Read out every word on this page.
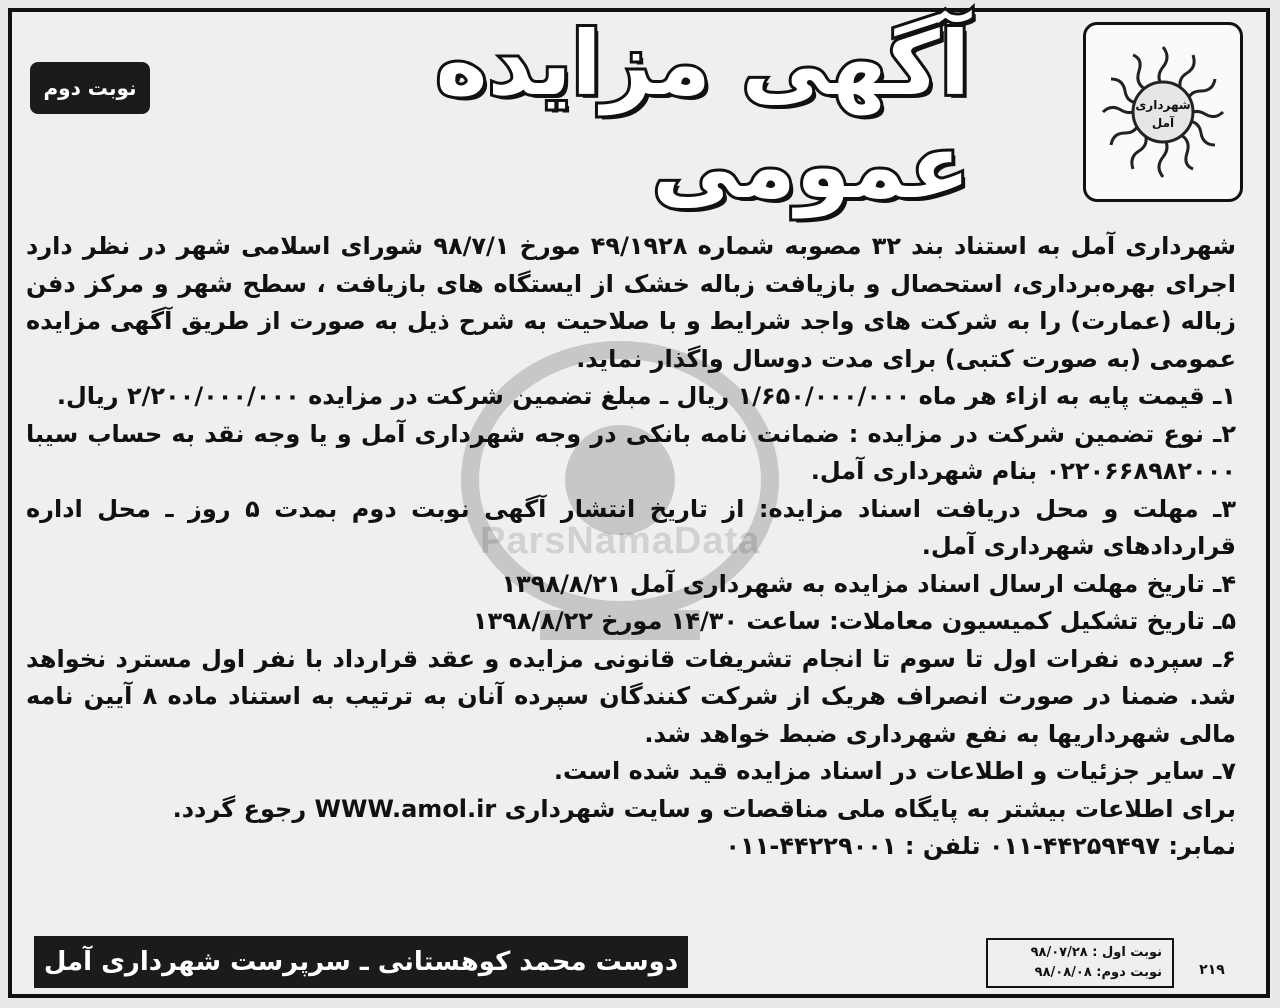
شهرداری
آمل
نوبت دوم	آگهی مزایده عمومی

شهرداری آمل به استناد بند ۳۲ مصوبه شماره ۴۹/۱۹۲۸ مورخ ۹۸/۷/۱ شورای اسلامی شهر در نظر دارد اجرای بهره‌برداری، استحصال و بازیافت زباله خشک از ایستگاه های بازیافت ، سطح شهر و مرکز دفن زباله (عمارت) را به شرکت های واجد شرایط و با صلاحیت به شرح ذیل به صورت از طریق آگهی مزایده عمومی (به صورت کتبی) برای مدت دوسال واگذار نماید.

۱ـ قیمت پایه به ازاء هر ماه ۱/۶۵۰/۰۰۰/۰۰۰ ریال ـ مبلغ تضمین شرکت در مزایده ۲/۲۰۰/۰۰۰/۰۰۰ ریال.

۲ـ نوع تضمین شرکت در مزایده : ضمانت نامه بانکی در وجه شهرداری آمل و یا وجه نقد به حساب سیبا ۰۲۲۰۶۶۸۹۸۲۰۰۰ بنام شهرداری آمل.

۳ـ مهلت و محل دریافت اسناد مزایده: از تاریخ انتشار آگهی نوبت دوم بمدت ۵ روز ـ محل اداره قراردادهای شهرداری آمل.

۴ـ تاریخ مهلت ارسال اسناد مزایده به شهرداری آمل ۱۳۹۸/۸/۲۱

۵ـ تاریخ تشکیل کمیسیون معاملات: ساعت ۱۴/۳۰ مورخ ۱۳۹۸/۸/۲۲

۶ـ سپرده نفرات اول تا سوم تا انجام تشریفات قانونی مزایده و عقد قرارداد با نفر اول مسترد نخواهد شد. ضمنا در صورت انصراف هریک از شرکت کنندگان سپرده آنان به ترتیب به استناد ماده ۸ آیین نامه مالی شهرداریها به نفع شهرداری ضبط خواهد شد.

۷ـ سایر جزئیات و اطلاعات در اسناد مزایده قید شده است.

برای اطلاعات بیشتر به پایگاه ملی مناقصات و سایت شهرداری WWW.amol.ir رجوع گردد.

نمابر: ۴۴۲۵۹۴۹۷-۰۱۱ تلفن : ۴۴۲۲۹۰۰۱-۰۱۱

دوست محمد کوهستانی ـ سرپرست شهرداری آمل	نوبت اول : ۹۸/۰۷/۲۸
نوبت دوم: ۹۸/۰۸/۰۸	۲۱۹
